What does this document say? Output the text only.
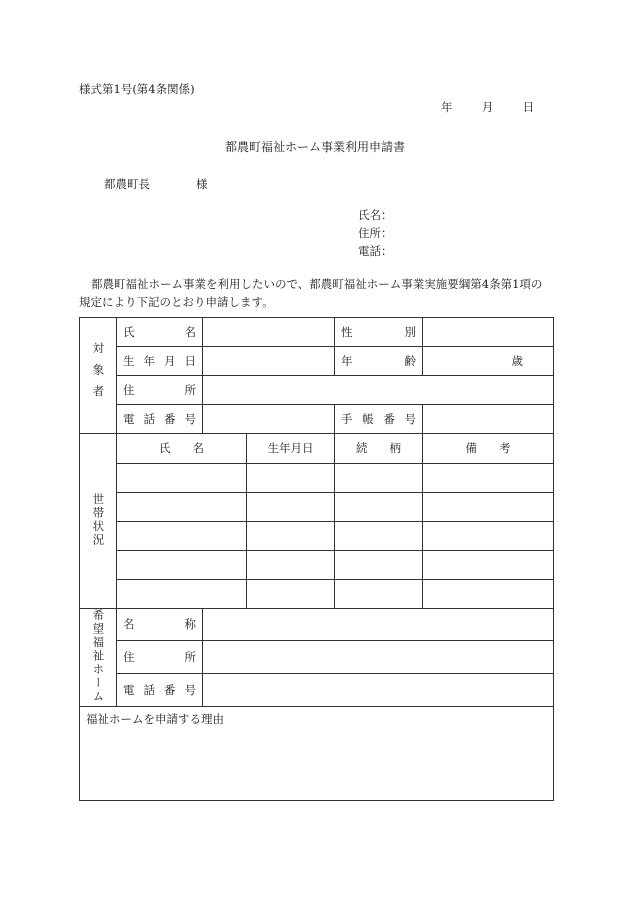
様式第1号(第4条関係)
年	月	日
都農町福祉ホーム事業利用申請書
都農町長	様
氏名：
住所：
電話：
都農町福祉ホーム事業を利用したいので、都農町福祉ホーム事業実施要綱第4条第1項の
規定により下記のとおり申請します。
対象者	氏 名			性 別	

	生 年 月 日			年 齢	歳

	住 所				

	電 話 番 号			手 帳 番 号	

世帯状況	氏 名		生年月日	続 柄	備 考

希望福祉ホーム	名 称				

	住 所				

	電 話 番 号				

福祉ホームを申請する理由					
